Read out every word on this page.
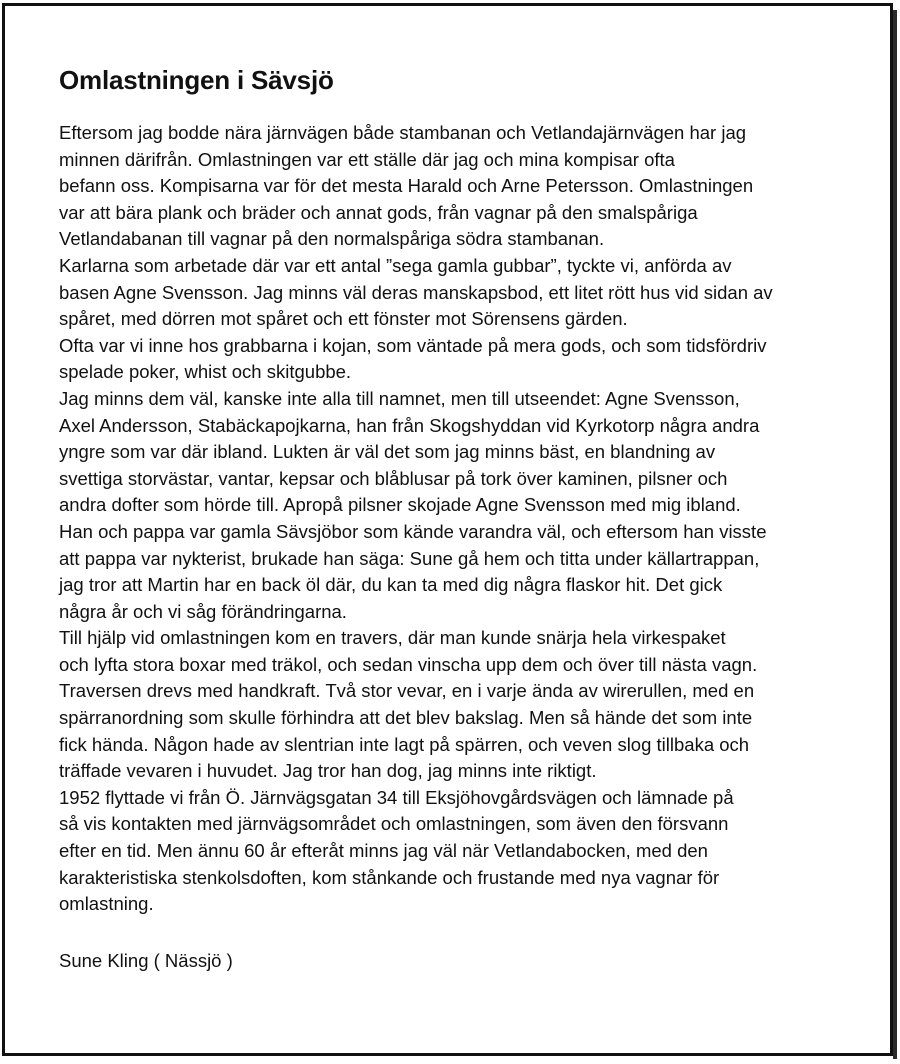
Omlastningen i Sävsjö
Eftersom jag bodde nära järnvägen både stambanan och Vetlandajärnvägen har jag
minnen därifrån. Omlastningen var ett ställe där jag och mina kompisar ofta
befann oss. Kompisarna var för det mesta Harald och Arne Petersson. Omlastningen
var att bära plank och bräder och annat gods, från vagnar på den smalspåriga
Vetlandabanan till vagnar på den normalspåriga södra stambanan.
Karlarna som arbetade där var ett antal ”sega gamla gubbar”, tyckte vi, anförda av
basen Agne Svensson. Jag minns väl deras manskapsbod, ett litet rött hus vid sidan av
spåret, med dörren mot spåret och ett fönster mot Sörensens gärden.
Ofta var vi inne hos grabbarna i kojan, som väntade på mera gods, och som tidsfördriv
spelade poker, whist och skitgubbe.
Jag minns dem väl, kanske inte alla till namnet, men till utseendet: Agne Svensson,
Axel Andersson, Stabäckapojkarna, han från Skogshyddan vid Kyrkotorp några andra
yngre som var där ibland. Lukten är väl det som jag minns bäst, en blandning av
svettiga storvästar, vantar, kepsar och blåblusar på tork över kaminen, pilsner och
andra dofter som hörde till. Apropå pilsner skojade Agne Svensson med mig ibland.
Han och pappa var gamla Sävsjöbor som kände varandra väl, och eftersom han visste
att pappa var nykterist, brukade han säga: Sune gå hem och titta under källartrappan,
jag tror att Martin har en back öl där, du kan ta med dig några flaskor hit. Det gick
några år och vi såg förändringarna.
Till hjälp vid omlastningen kom en travers, där man kunde snärja hela virkespaket
och lyfta stora boxar med träkol, och sedan vinscha upp dem och över till nästa vagn.
Traversen drevs med handkraft. Två stor vevar, en i varje ända av wirerullen, med en
spärranordning som skulle förhindra att det blev bakslag. Men så hände det som inte
fick hända. Någon hade av slentrian inte lagt på spärren, och veven slog tillbaka och
träffade vevaren i huvudet. Jag tror han dog, jag minns inte riktigt.
1952 flyttade vi från Ö. Järnvägsgatan 34 till Eksjöhovgårdsvägen och lämnade på
så vis kontakten med järnvägsområdet och omlastningen, som även den försvann
efter en tid. Men ännu 60 år efteråt minns jag väl när Vetlandabocken, med den
karakteristiska stenkolsdoften, kom stånkande och frustande med nya vagnar för
omlastning.
Sune Kling ( Nässjö )
